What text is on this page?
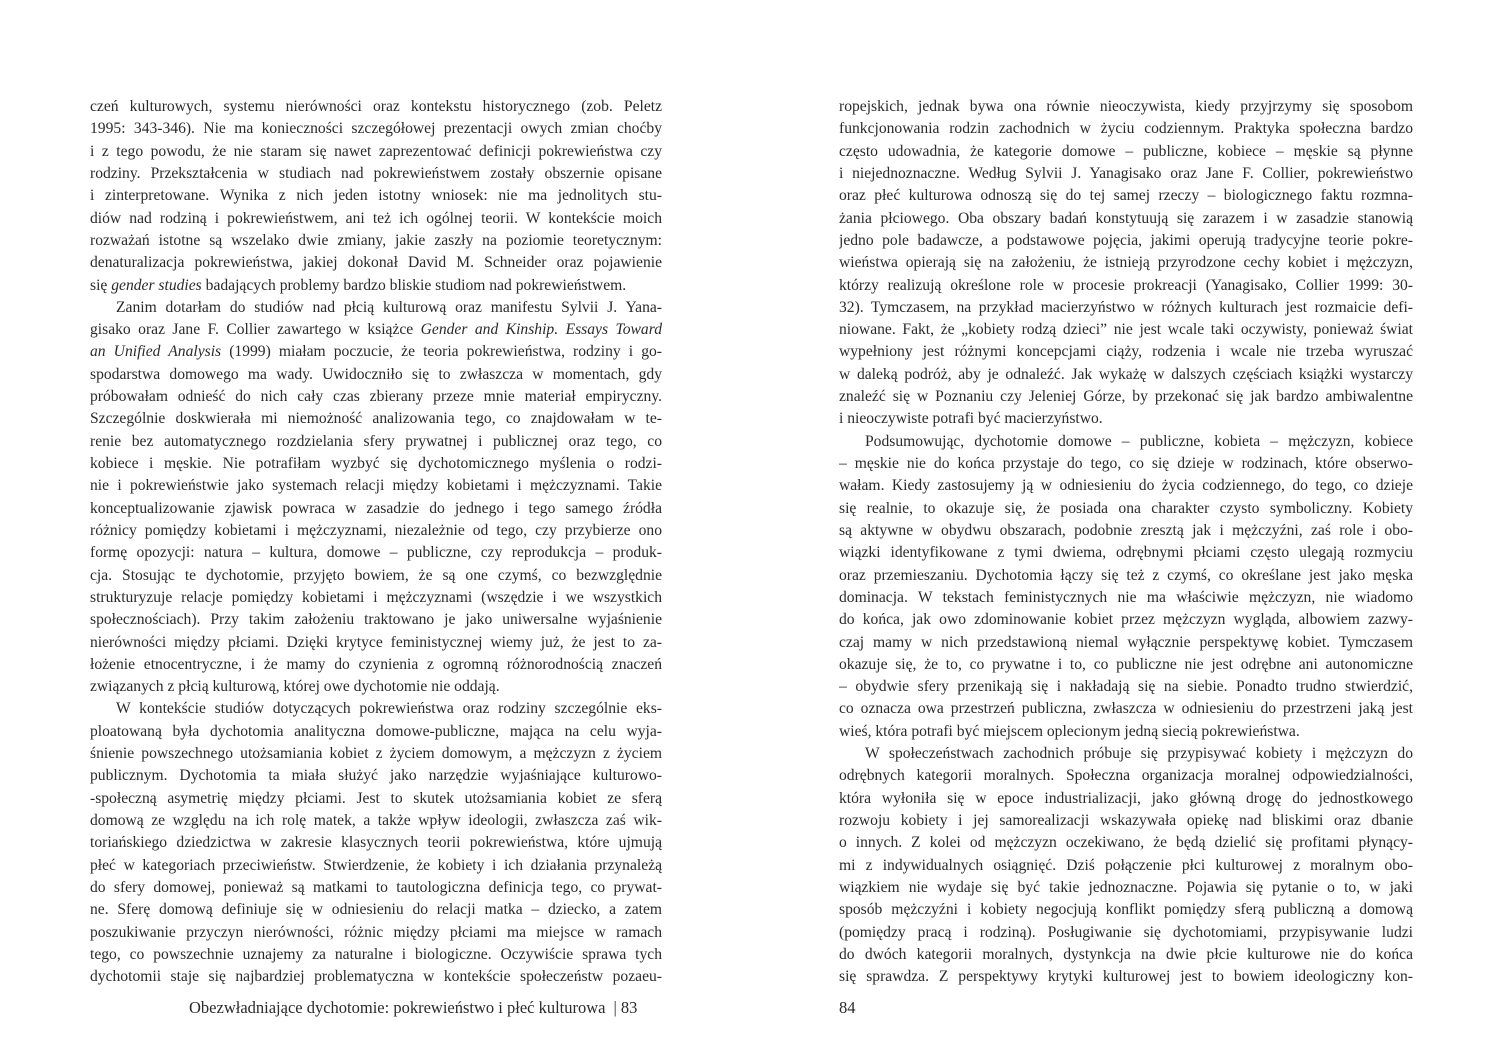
czeń kulturowych, systemu nierówności oraz kontekstu historycznego (zob. Peletz
1995: 343-346). Nie ma konieczności szczegółowej prezentacji owych zmian choćby
i z tego powodu, że nie staram się nawet zaprezentować definicji pokrewieństwa czy
rodziny. Przekształcenia w studiach nad pokrewieństwem zostały obszernie opisane
i zinterpretowane. Wynika z nich jeden istotny wniosek: nie ma jednolitych stu-
diów nad rodziną i pokrewieństwem, ani też ich ogólnej teorii. W kontekście moich
rozważań istotne są wszelako dwie zmiany, jakie zaszły na poziomie teoretycznym:
denaturalizacja pokrewieństwa, jakiej dokonał David M. Schneider oraz pojawienie
się gender studies badających problemy bardzo bliskie studiom nad pokrewieństwem.
Zanim dotarłam do studiów nad płcią kulturową oraz manifestu Sylvii J. Yana-
gisako oraz Jane F. Collier zawartego w książce Gender and Kinship. Essays Toward
an Unified Analysis (1999) miałam poczucie, że teoria pokrewieństwa, rodziny i go-
spodarstwa domowego ma wady. Uwidoczniło się to zwłaszcza w momentach, gdy
próbowałam odnieść do nich cały czas zbierany przeze mnie materiał empiryczny.
Szczególnie doskwierała mi niemożność analizowania tego, co znajdowałam w te-
renie bez automatycznego rozdzielania sfery prywatnej i publicznej oraz tego, co
kobiece i męskie. Nie potrafiłam wyzbyć się dychotomicznego myślenia o rodzi-
nie i pokrewieństwie jako systemach relacji między kobietami i mężczyznami. Takie
konceptualizowanie zjawisk powraca w zasadzie do jednego i tego samego źródła
różnicy pomiędzy kobietami i mężczyznami, niezależnie od tego, czy przybierze ono
formę opozycji: natura – kultura, domowe – publiczne, czy reprodukcja – produk-
cja. Stosując te dychotomie, przyjęto bowiem, że są one czymś, co bezwzględnie
strukturyzuje relacje pomiędzy kobietami i mężczyznami (wszędzie i we wszystkich
społecznościach). Przy takim założeniu traktowano je jako uniwersalne wyjaśnienie
nierówności między płciami. Dzięki krytyce feministycznej wiemy już, że jest to za-
łożenie etnocentryczne, i że mamy do czynienia z ogromną różnorodnością znaczeń
związanych z płcią kulturową, której owe dychotomie nie oddają.
W kontekście studiów dotyczących pokrewieństwa oraz rodziny szczególnie eks-
ploatowaną była dychotomia analityczna domowe-publiczne, mająca na celu wyja-
śnienie powszechnego utożsamiania kobiet z życiem domowym, a mężczyzn z życiem
publicznym. Dychotomia ta miała służyć jako narzędzie wyjaśniające kulturowo-
-społeczną asymetrię między płciami. Jest to skutek utożsamiania kobiet ze sferą
domową ze względu na ich rolę matek, a także wpływ ideologii, zwłaszcza zaś wik-
toriańskiego dziedzictwa w zakresie klasycznych teorii pokrewieństwa, które ujmują
płeć w kategoriach przeciwieństw. Stwierdzenie, że kobiety i ich działania przynależą
do sfery domowej, ponieważ są matkami to tautologiczna definicja tego, co prywat-
ne. Sferę domową definiuje się w odniesieniu do relacji matka – dziecko, a zatem
poszukiwanie przyczyn nierówności, różnic między płciami ma miejsce w ramach
tego, co powszechnie uznajemy za naturalne i biologiczne. Oczywiście sprawa tych
dychotomii staje się najbardziej problematyczna w kontekście społeczeństw pozaeu-
ropejskich, jednak bywa ona równie nieoczywista, kiedy przyjrzymy się sposobom
funkcjonowania rodzin zachodnich w życiu codziennym. Praktyka społeczna bardzo
często udowadnia, że kategorie domowe – publiczne, kobiece – męskie są płynne
i niejednoznaczne. Według Sylvii J. Yanagisako oraz Jane F. Collier, pokrewieństwo
oraz płeć kulturowa odnoszą się do tej samej rzeczy – biologicznego faktu rozmna-
żania płciowego. Oba obszary badań konstytuują się zarazem i w zasadzie stanowią
jedno pole badawcze, a podstawowe pojęcia, jakimi operują tradycyjne teorie pokre-
wieństwa opierają się na założeniu, że istnieją przyrodzone cechy kobiet i mężczyzn,
którzy realizują określone role w procesie prokreacji (Yanagisako, Collier 1999: 30-
32). Tymczasem, na przykład macierzyństwo w różnych kulturach jest rozmaicie defi-
niowane. Fakt, że „kobiety rodzą dzieci” nie jest wcale taki oczywisty, ponieważ świat
wypełniony jest różnymi koncepcjami ciąży, rodzenia i wcale nie trzeba wyruszać
w daleką podróż, aby je odnaleźć. Jak wykażę w dalszych częściach książki wystarczy
znaleźć się w Poznaniu czy Jeleniej Górze, by przekonać się jak bardzo ambiwalentne
i nieoczywiste potrafi być macierzyństwo.
Podsumowując, dychotomie domowe – publiczne, kobieta – mężczyzn, kobiece
– męskie nie do końca przystaje do tego, co się dzieje w rodzinach, które obserwo-
wałam. Kiedy zastosujemy ją w odniesieniu do życia codziennego, do tego, co dzieje
się realnie, to okazuje się, że posiada ona charakter czysto symboliczny. Kobiety
są aktywne w obydwu obszarach, podobnie zresztą jak i mężczyźni, zaś role i obo-
wiązki identyfikowane z tymi dwiema, odrębnymi płciami często ulegają rozmyciu
oraz przemieszaniu. Dychotomia łączy się też z czymś, co określane jest jako męska
dominacja. W tekstach feministycznych nie ma właściwie mężczyzn, nie wiadomo
do końca, jak owo zdominowanie kobiet przez mężczyzn wygląda, albowiem zazwy-
czaj mamy w nich przedstawioną niemal wyłącznie perspektywę kobiet. Tymczasem
okazuje się, że to, co prywatne i to, co publiczne nie jest odrębne ani autonomiczne
– obydwie sfery przenikają się i nakładają się na siebie. Ponadto trudno stwierdzić,
co oznacza owa przestrzeń publiczna, zwłaszcza w odniesieniu do przestrzeni jaką jest
wieś, która potrafi być miejscem oplecionym jedną siecią pokrewieństwa.
W społeczeństwach zachodnich próbuje się przypisywać kobiety i mężczyzn do
odrębnych kategorii moralnych. Społeczna organizacja moralnej odpowiedzialności,
która wyłoniła się w epoce industrializacji, jako główną drogę do jednostkowego
rozwoju kobiety i jej samorealizacji wskazywała opiekę nad bliskimi oraz dbanie
o innych. Z kolei od mężczyzn oczekiwano, że będą dzielić się profitami płynący-
mi z indywidualnych osiągnięć. Dziś połączenie płci kulturowej z moralnym obo-
wiązkiem nie wydaje się być takie jednoznaczne. Pojawia się pytanie o to, w jaki
sposób mężczyźni i kobiety negocjują konflikt pomiędzy sferą publiczną a domową
(pomiędzy pracą i rodziną). Posługiwanie się dychotomiami, przypisywanie ludzi
do dwóch kategorii moralnych, dystynkcja na dwie płcie kulturowe nie do końca
się sprawdza. Z perspektywy krytyki kulturowej jest to bowiem ideologiczny kon-
Obezwładniające dychotomie: pokrewieństwo i płeć kulturowa | 83	84
